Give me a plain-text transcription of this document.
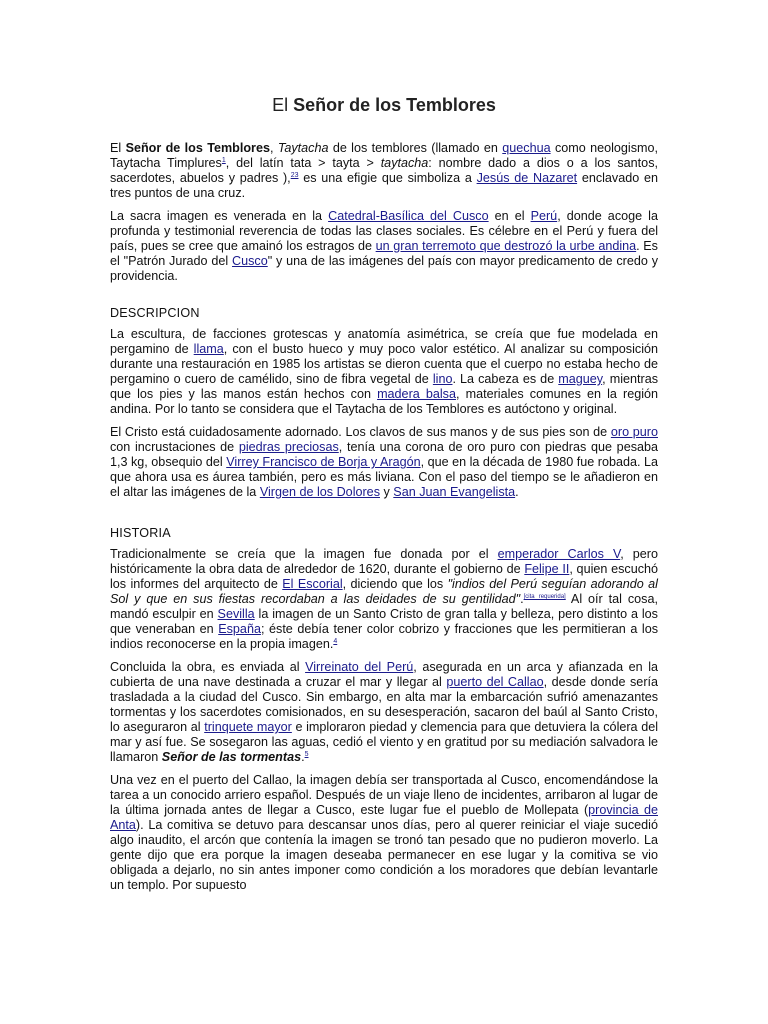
El Señor de los Temblores

El Señor de los Temblores, Taytacha de los temblores (llamado en quechua como neologismo, Taytacha Timplures$^1$, del latín tata > tayta > taytacha: nombre dado a dios o a los santos, sacerdotes, abuelos y padres ),$^{23}$ es una efigie que simboliza a Jesús de Nazaret enclavado en tres puntos de una cruz.

La sacra imagen es venerada en la Catedral-Basílica del Cusco en el Perú, donde acoge la profunda y testimonial reverencia de todas las clases sociales. Es célebre en el Perú y fuera del país, pues se cree que amainó los estragos de un gran terremoto que destrozó la urbe andina. Es el "Patrón Jurado del Cusco" y una de las imágenes del país con mayor predicamento de credo y providencia.

DESCRIPCION

La escultura, de facciones grotescas y anatomía asimétrica, se creía que fue modelada en pergamino de llama, con el busto hueco y muy poco valor estético. Al analizar su composición durante una restauración en 1985 los artistas se dieron cuenta que el cuerpo no estaba hecho de pergamino o cuero de camélido, sino de fibra vegetal de lino. La cabeza es de maguey, mientras que los pies y las manos están hechos con madera balsa, materiales comunes en la región andina. Por lo tanto se considera que el Taytacha de los Temblores es autóctono y original.

El Cristo está cuidadosamente adornado. Los clavos de sus manos y de sus pies son de oro puro con incrustaciones de piedras preciosas, tenía una corona de oro puro con piedras que pesaba 1,3 kg, obsequio del Virrey Francisco de Borja y Aragón, que en la década de 1980 fue robada. La que ahora usa es áurea también, pero es más liviana. Con el paso del tiempo se le añadieron en el altar las imágenes de la Virgen de los Dolores y San Juan Evangelista.

HISTORIA

Tradicionalmente se creía que la imagen fue donada por el emperador Carlos V, pero históricamente la obra data de alrededor de 1620, durante el gobierno de Felipe II, quien escuchó los informes del arquitecto de El Escorial, diciendo que los "indios del Perú seguían adorando al Sol y que en sus fiestas recordaban a las deidades de su gentilidad".[cita requerida] Al oír tal cosa, mandó esculpir en Sevilla la imagen de un Santo Cristo de gran talla y belleza, pero distinto a los que veneraban en España; éste debía tener color cobrizo y fracciones que les permitieran a los indios reconocerse en la propia imagen.$^4$

Concluida la obra, es enviada al Virreinato del Perú, asegurada en un arca y afianzada en la cubierta de una nave destinada a cruzar el mar y llegar al puerto del Callao, desde donde sería trasladada a la ciudad del Cusco. Sin embargo, en alta mar la embarcación sufrió amenazantes tormentas y los sacerdotes comisionados, en su desesperación, sacaron del baúl al Santo Cristo, lo aseguraron al trinquete mayor e imploraron piedad y clemencia para que detuviera la cólera del mar y así fue. Se sosegaron las aguas, cedió el viento y en gratitud por su mediación salvadora le llamaron Señor de las tormentas.$^5$

Una vez en el puerto del Callao, la imagen debía ser transportada al Cusco, encomendándose la tarea a un conocido arriero español. Después de un viaje lleno de incidentes, arribaron al lugar de la última jornada antes de llegar a Cusco, este lugar fue el pueblo de Mollepata (provincia de Anta). La comitiva se detuvo para descansar unos días, pero al querer reiniciar el viaje sucedió algo inaudito, el arcón que contenía la imagen se tronó tan pesado que no pudieron moverlo. La gente dijo que era porque la imagen deseaba permanecer en ese lugar y la comitiva se vio obligada a dejarlo, no sin antes imponer como condición a los moradores que debían levantarle un templo. Por supuesto
